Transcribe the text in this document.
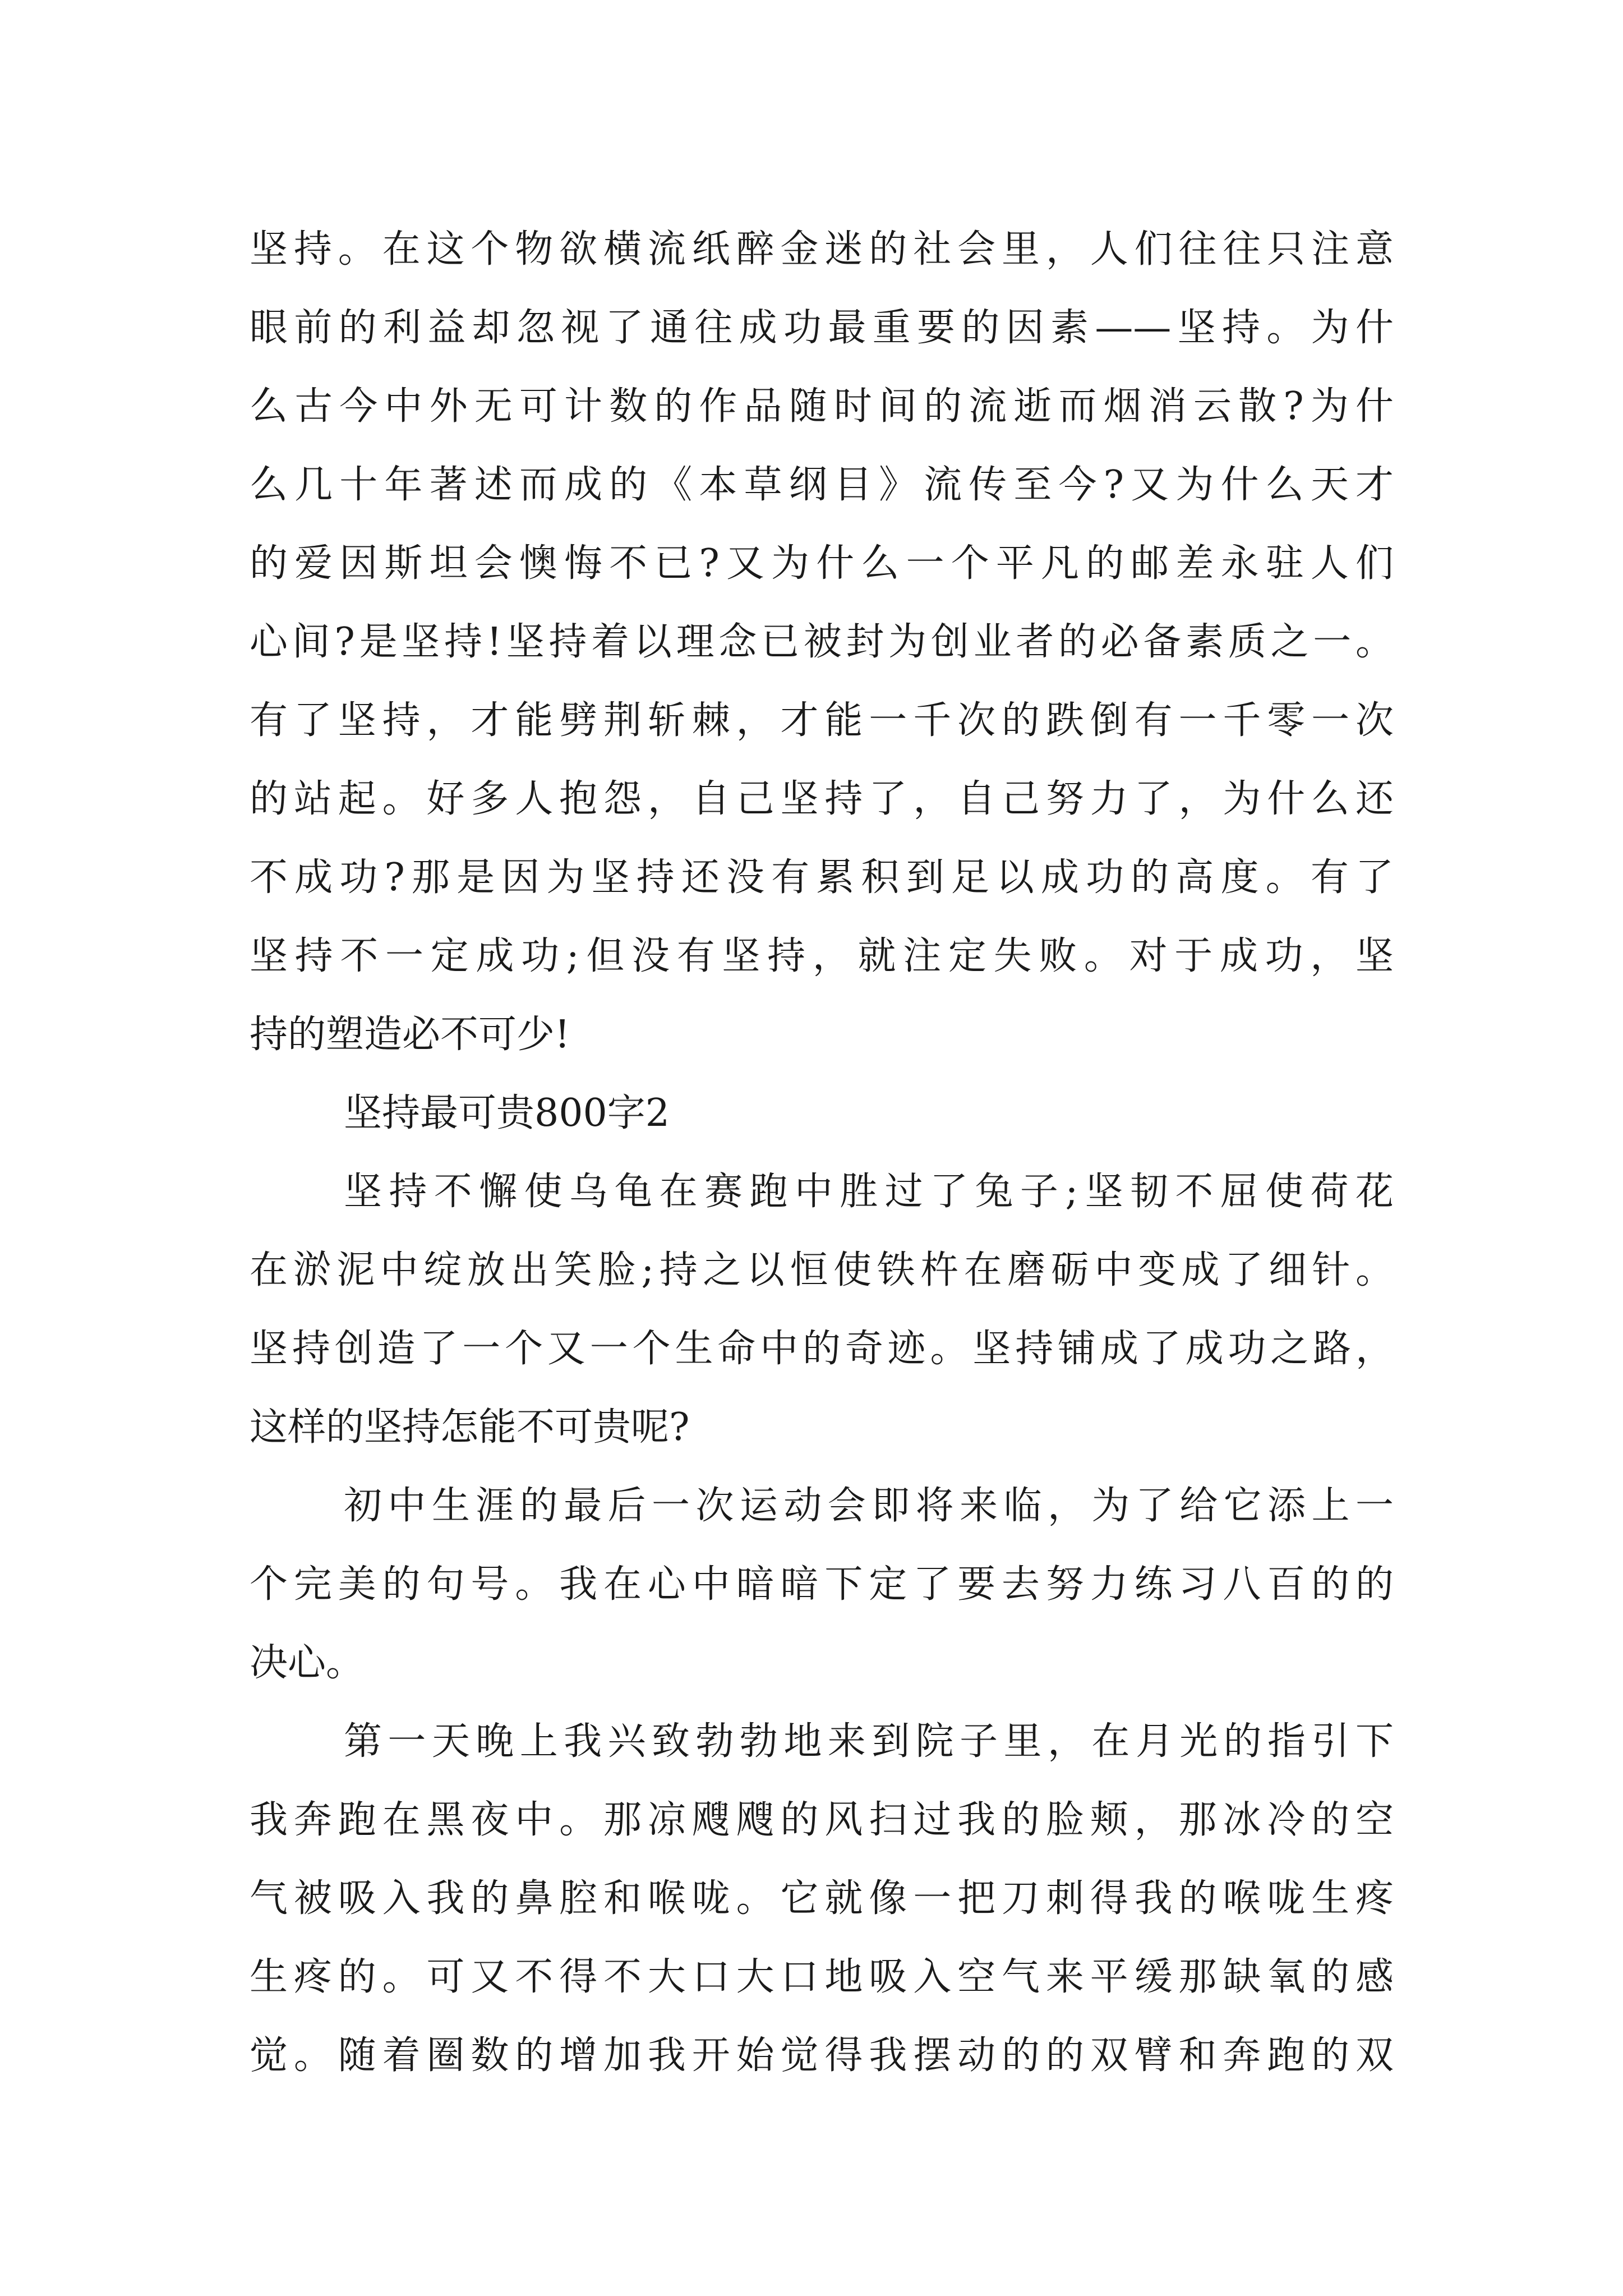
坚持。在这个物欲横流纸醉金迷的社会里，人们往往只注意
眼前的利益却忽视了通往成功最重要的因素——坚持。为什
么古今中外无可计数的作品随时间的流逝而烟消云散?为什
么几十年著述而成的《本草纲目》流传至今?又为什么天才
的爱因斯坦会懊悔不已?又为什么一个平凡的邮差永驻人们
心间?是坚持!坚持着以理念已被封为创业者的必备素质之一。
有了坚持，才能劈荆斩棘，才能一千次的跌倒有一千零一次
的站起。好多人抱怨，自己坚持了，自己努力了，为什么还
不成功?那是因为坚持还没有累积到足以成功的高度。有了
坚持不一定成功;但没有坚持，就注定失败。对于成功，坚
持的塑造必不可少!
坚持最可贵800字2
坚持不懈使乌龟在赛跑中胜过了兔子;坚韧不屈使荷花
在淤泥中绽放出笑脸;持之以恒使铁杵在磨砺中变成了细针。
坚持创造了一个又一个生命中的奇迹。坚持铺成了成功之路，
这样的坚持怎能不可贵呢?
初中生涯的最后一次运动会即将来临，为了给它添上一
个完美的句号。我在心中暗暗下定了要去努力练习八百的的
决心。
第一天晚上我兴致勃勃地来到院子里，在月光的指引下
我奔跑在黑夜中。那凉飕飕的风扫过我的脸颊，那冰冷的空
气被吸入我的鼻腔和喉咙。它就像一把刀刺得我的喉咙生疼
生疼的。可又不得不大口大口地吸入空气来平缓那缺氧的感
觉。随着圈数的增加我开始觉得我摆动的的双臂和奔跑的双
